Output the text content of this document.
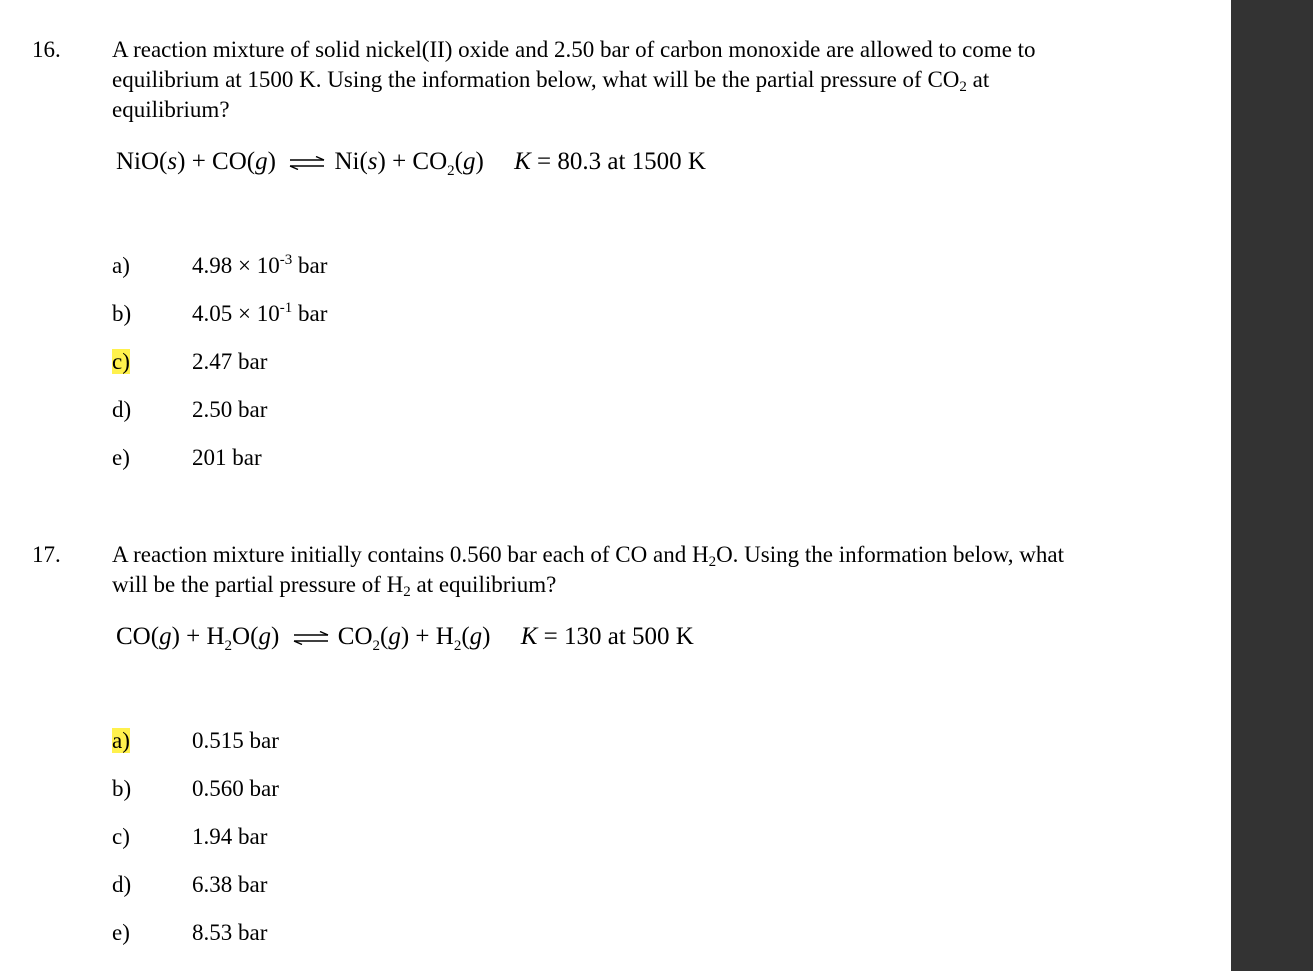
16. A reaction mixture of solid nickel(II) oxide and 2.50 bar of carbon monoxide are allowed to come to equilibrium at 1500 K. Using the information below, what will be the partial pressure of $CO_2$ at equilibrium?
NiO(s) + CO(g) ⇌ $Ni(s) + CO_2(g) K = 80.3$ at 1500 K
a)	$4.98 \times 10^{-3}$ bar
b)	$4.05 \times 10^{-1}$ bar
c)	2.47 bar
d)	2.50 bar
e)	201 bar
17. A reaction mixture initially contains 0.560 bar each of CO and $H_2O$. Using the information below, what will be the partial pressure of $H_2$ at equilibrium?
$CO(g) + H_2O(g)$ ⇌ $CO_2(g) + H_2(g) K = 130$ at 500 K
a)	0.515 bar
b)	0.560 bar
c)	1.94 bar
d)	6.38 bar
e)	8.53 bar
